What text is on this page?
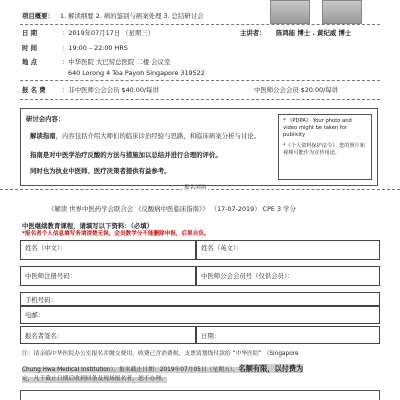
项目概要： 1. 解读纲要 2. 病的鉴别与病案处理 3. 总结研讨会
主讲者： 陈鸿能 博士 . 黄纪威 博士
日 期	：2019年07月17日 （星期三）
时 间	：19:00 – 22:00 HRS
地 点	：中华医院 大巴窑总医院 二楼 会议室
640 Lorong 4 Toa Payoh Singapore 319522
报 名 费	：非中医师公会会员 $40.00/每讲	中医师公会会员 $20.00/每讲
研讨会内容：
解读指南，内容包括介绍大师们的临床诊治经验与思路，和临床病案分析与讨论。
指南是对中医学治疗反酸的方法与措施加以总结并进行合理的评价。
同时也为执业中医师、医疗决策者提供有益参考。
* 《PDPA》 Your photo and video might be taken for publicity
*《个人资料保护法令》 您的照片和视频可能作为宣传用途。
报名回执
《解读 世界中医药学会联合会 《反酸病中医临床指南》》 （17-07-2019） CPE 3 学分
中医继续教育课程，请填写以下资料：（必填）
*报名者个人信息填写务请清楚无误，会员数学分不能删除申报，后果自负。
姓名（中文）：	姓名（英文）：
中医师注册号码：	中医师公会会员号（仅供会员）：
手机号码：
电邮：
报名者签名：	日期：
注：请亲临中华医院办公室报名并缴交费用，收费已含消费税，支票请划线付款给 “中华医院” （Singapore
Chung Hwa Medical Institution）。报名截止日期：2019年07月05日（星期五），名额有限，以付费为
定，凡于截止日期后收到回条及现场报名者，恕不办理。
